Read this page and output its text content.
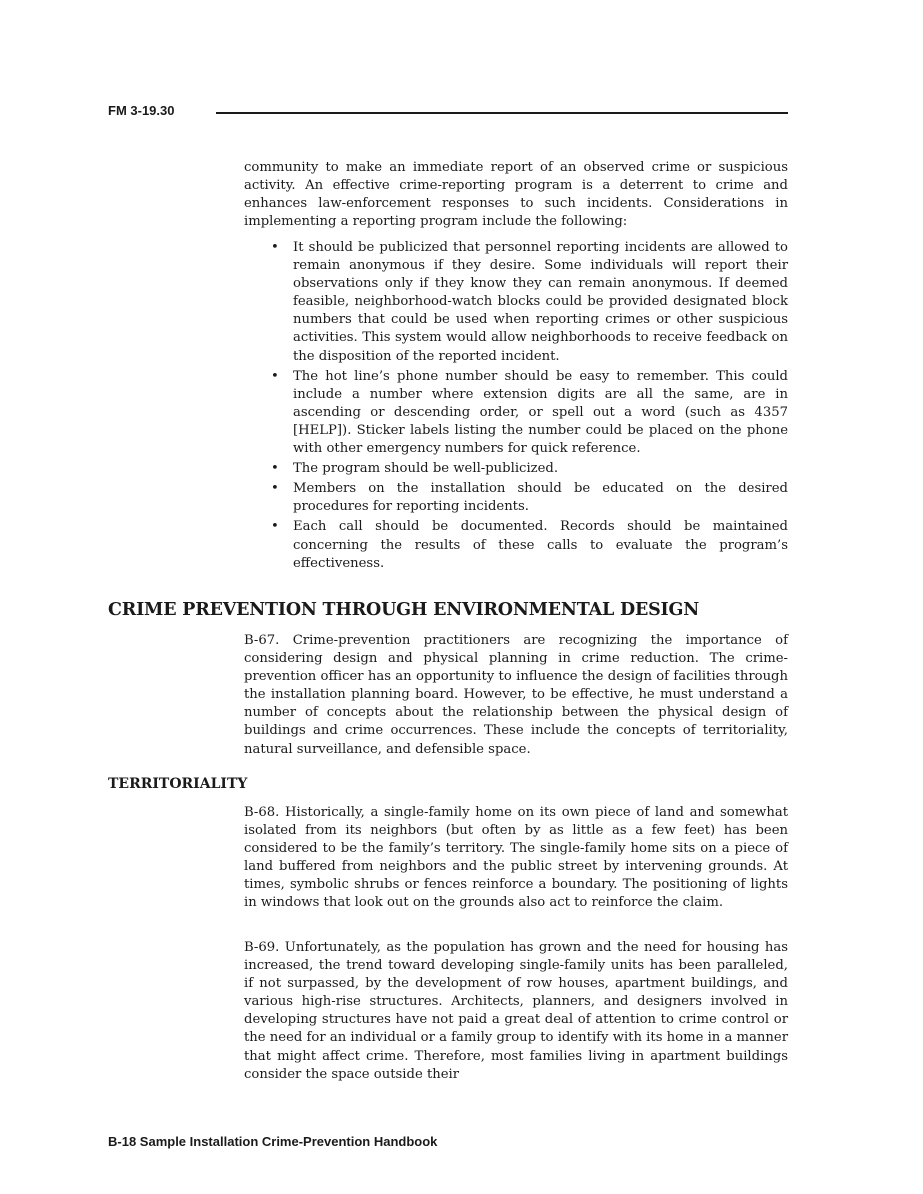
FM 3-19.30

community to make an immediate report of an observed crime or suspicious activity. An effective crime-reporting program is a deterrent to crime and enhances law-enforcement responses to such incidents. Considerations in implementing a reporting program include the following:

• It should be publicized that personnel reporting incidents are allowed to remain anonymous if they desire. Some individuals will report their observations only if they know they can remain anonymous. If deemed feasible, neighborhood-watch blocks could be provided designated block numbers that could be used when reporting crimes or other suspicious activities. This system would allow neighborhoods to receive feedback on the disposition of the reported incident.
• The hot line’s phone number should be easy to remember. This could include a number where extension digits are all the same, are in ascending or descending order, or spell out a word (such as 4357 [HELP]). Sticker labels listing the number could be placed on the phone with other emergency numbers for quick reference.
• The program should be well-publicized.
• Members on the installation should be educated on the desired procedures for reporting incidents.
• Each call should be documented. Records should be maintained concerning the results of these calls to evaluate the program’s effectiveness.
CRIME PREVENTION THROUGH ENVIRONMENTAL DESIGN

B-67. Crime-prevention practitioners are recognizing the importance of considering design and physical planning in crime reduction. The crime-prevention officer has an opportunity to influence the design of facilities through the installation planning board. However, to be effective, he must understand a number of concepts about the relationship between the physical design of buildings and crime occurrences. These include the concepts of territoriality, natural surveillance, and defensible space.

TERRITORIALITY

B-68. Historically, a single-family home on its own piece of land and somewhat isolated from its neighbors (but often by as little as a few feet) has been considered to be the family’s territory. The single-family home sits on a piece of land buffered from neighbors and the public street by intervening grounds. At times, symbolic shrubs or fences reinforce a boundary. The positioning of lights in windows that look out on the grounds also act to reinforce the claim.

B-69. Unfortunately, as the population has grown and the need for housing has increased, the trend toward developing single-family units has been paralleled, if not surpassed, by the development of row houses, apartment buildings, and various high-rise structures. Architects, planners, and designers involved in developing structures have not paid a great deal of attention to crime control or the need for an individual or a family group to identify with its home in a manner that might affect crime. Therefore, most families living in apartment buildings consider the space outside their

B-18 Sample Installation Crime-Prevention Handbook
